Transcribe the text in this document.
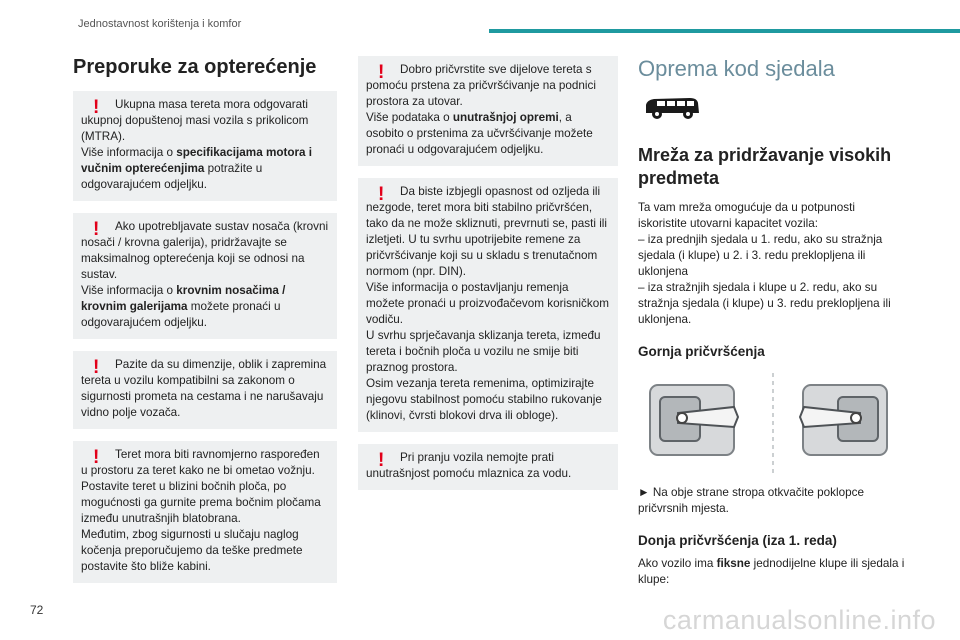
Jednostavnost korištenja i komfor
Preporuke za opterećenje
!	Ukupna masa tereta mora odgovarati ukupnoj dopuštenoj masi vozila s prikolicom (MTRA).

Više informacija o specifikacijama motora i vučnim opterećenjima potražite u odgovarajućem odjeljku.

!	Ako upotrebljavate sustav nosača (krovni nosači / krovna galerija), pridržavajte se maksimalnog opterećenja koji se odnosi na sustav.

Više informacija o krovnim nosačima / krovnim galerijama možete pronaći u odgovarajućem odjeljku.

!	Pazite da su dimenzije, oblik i zapremina tereta u vozilu kompatibilni sa zakonom o sigurnosti prometa na cestama i ne narušavaju vidno polje vozača.

!	Teret mora biti ravnomjerno raspoređen u prostoru za teret kako ne bi ometao vožnju.

Postavite teret u blizini bočnih ploča, po mogućnosti ga gurnite prema bočnim pločama između unutrašnjih blatobrana.

Međutim, zbog sigurnosti u slučaju naglog kočenja preporučujemo da teške predmete postavite što bliže kabini.

!	Dobro pričvrstite sve dijelove tereta s pomoću prstena za pričvršćivanje na podnici prostora za utovar.

Više podataka o unutrašnjoj opremi, a osobito o prstenima za učvršćivanje možete pronaći u odgovarajućem odjeljku.

!	Da biste izbjegli opasnost od ozljeda ili nezgode, teret mora biti stabilno pričvršćen, tako da ne može skliznuti, prevrnuti se, pasti ili izletjeti. U tu svrhu upotrijebite remene za pričvršćivanje koji su u skladu s trenutačnom normom (npr. DIN).

Više informacija o postavljanju remenja možete pronaći u proizvođačevom korisničkom vodiču.

U svrhu sprječavanja sklizanja tereta, između tereta i bočnih ploča u vozilu ne smije biti praznog prostora.

Osim vezanja tereta remenima, optimizirajte njegovu stabilnost pomoću stabilno rukovanje (klinovi, čvrsti blokovi drva ili obloge).

!	Pri pranju vozila nemojte prati unutrašnjost pomoću mlaznica za vodu.

Oprema kod sjedala
Mreža za pridržavanje visokih predmeta

Ta vam mreža omogućuje da u potpunosti iskoristite utovarni kapacitet vozila:

– iza prednjih sjedala u 1. redu, ako su stražnja sjedala (i klupe) u 2. i 3. redu preklopljena ili uklonjena

– iza stražnjih sjedala i klupe u 2. redu, ako su stražnja sjedala (i klupe) u 3. redu preklopljena ili uklonjena.

Gornja pričvršćenja

► Na obje strane stropa otkvačite poklopce pričvrsnih mjesta.

Donja pričvršćenja (iza 1. reda)

Ako vozilo ima fiksne jednodijelne klupe ili sjedala i klupe:

72	carmanualsonline.info
